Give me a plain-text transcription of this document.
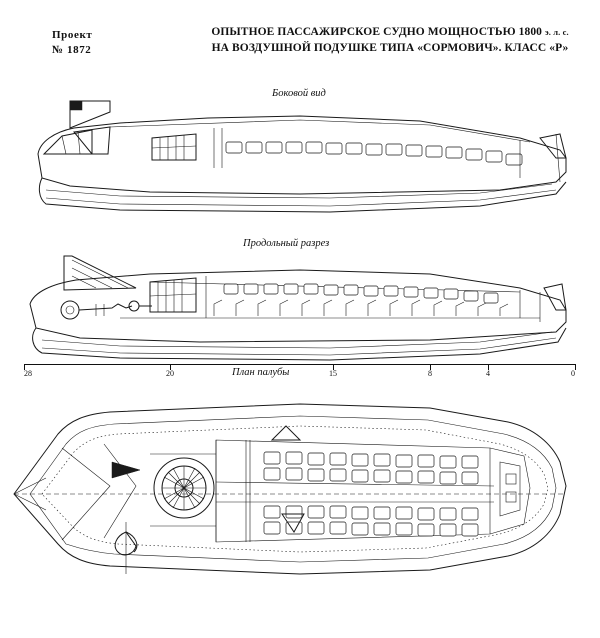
Проект
№ 1872
ОПЫТНОЕ ПАССАЖИРСКОЕ СУДНО МОЩНОСТЬЮ 1800 э. л. с.
НА ВОЗДУШНОЙ ПОДУШКЕ ТИПА «СОРМОВИЧ». КЛАСС «Р»
Боковой вид
Продольный разрез
План палубы
28	20	15	8	4	0
